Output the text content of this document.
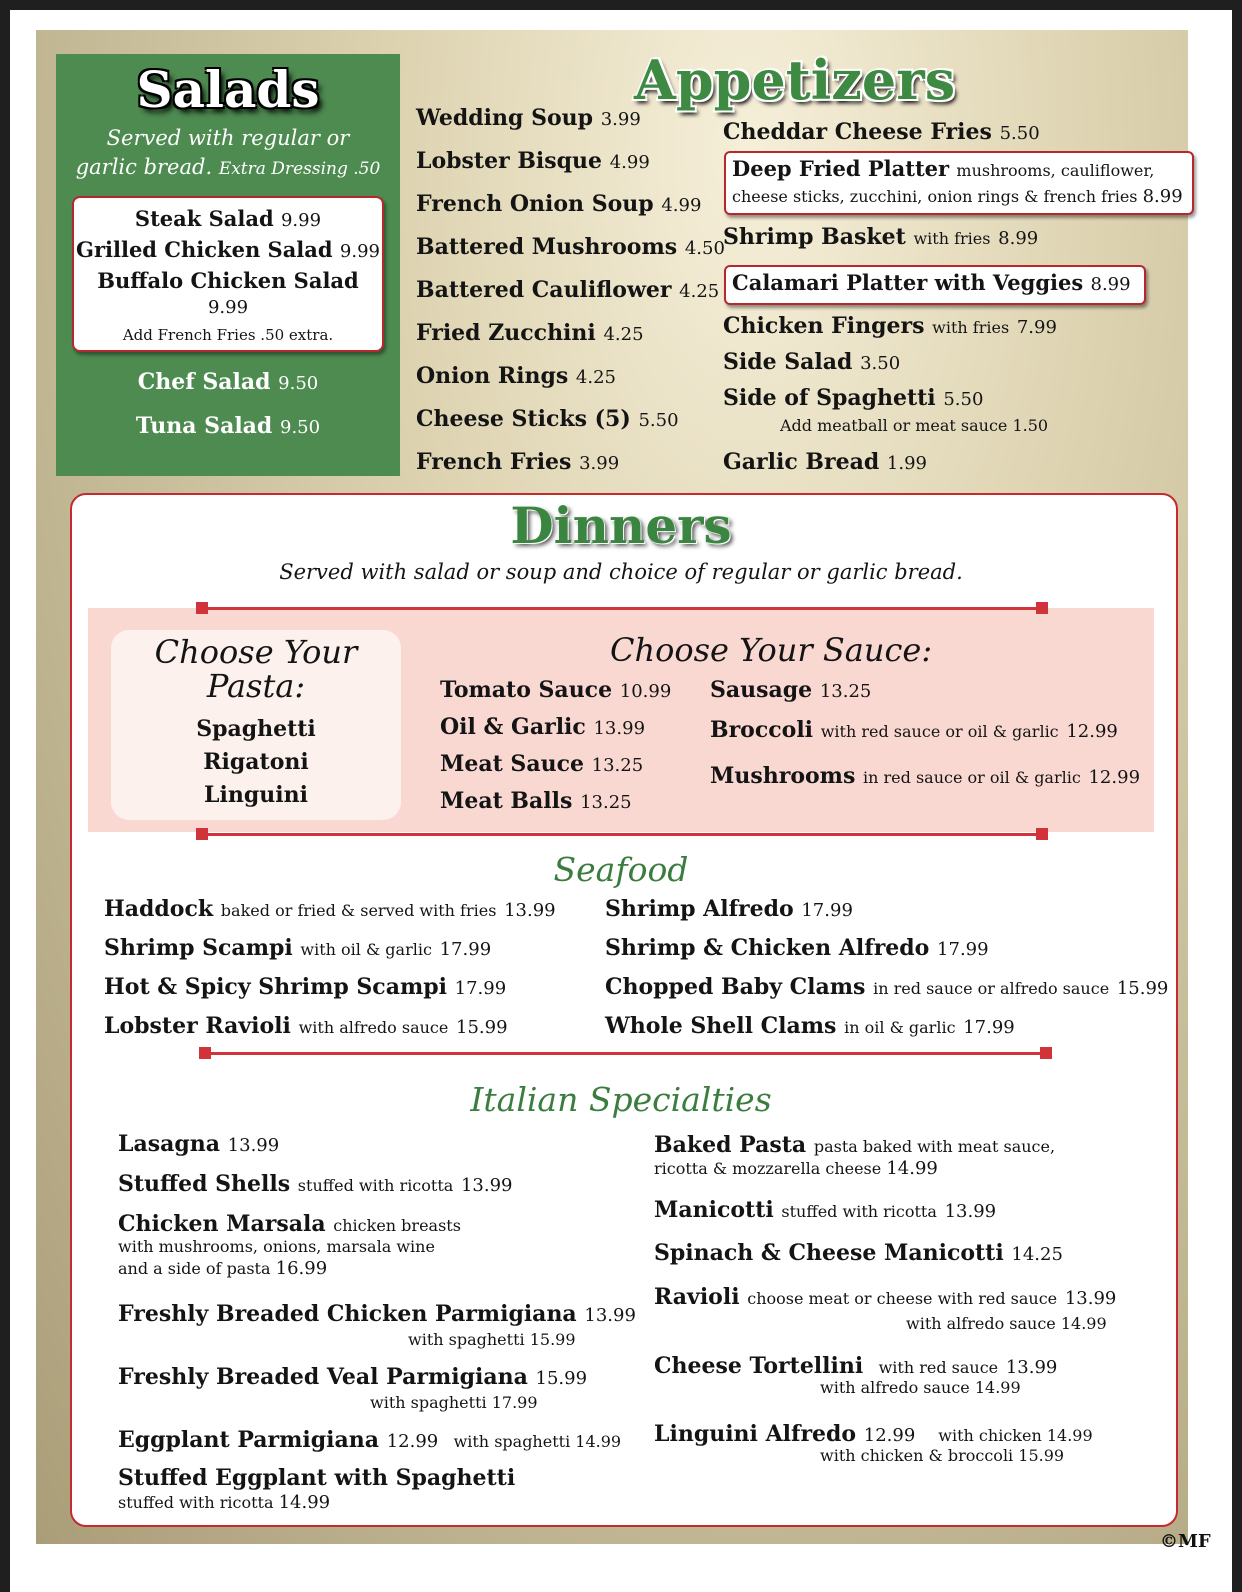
Salads
Served with regular or
garlic bread. Extra Dressing .50
Steak Salad 9.99
Grilled Chicken Salad 9.99
Buffalo Chicken Salad 9.99
Add French Fries .50 extra.
Chef Salad 9.50
Tuna Salad 9.50
Appetizers
Wedding Soup 3.99
Lobster Bisque 4.99
French Onion Soup 4.99
Battered Mushrooms 4.50
Battered Cauliflower 4.25
Fried Zucchini 4.25
Onion Rings 4.25
Cheese Sticks (5) 5.50
French Fries 3.99
Cheddar Cheese Fries 5.50
Deep Fried Platter mushrooms, cauliflower,
cheese sticks, zucchini, onion rings & french fries 8.99
Shrimp Basket with fries 8.99
Calamari Platter with Veggies 8.99
Chicken Fingers with fries 7.99
Side Salad 3.50
Side of Spaghetti 5.50
Add meatball or meat sauce 1.50
Garlic Bread 1.99
Dinners
Served with salad or soup and choice of regular or garlic bread.
Choose Your
Pasta:
Spaghetti
Rigatoni
Linguini
Choose Your Sauce:
Tomato Sauce 10.99
Oil & Garlic 13.99
Meat Sauce 13.25
Meat Balls 13.25
Sausage 13.25
Broccoli with red sauce or oil & garlic 12.99
Mushrooms in red sauce or oil & garlic 12.99
Seafood
Haddock baked or fried & served with fries 13.99
Shrimp Scampi with oil & garlic 17.99
Hot & Spicy Shrimp Scampi 17.99
Lobster Ravioli with alfredo sauce 15.99
Shrimp Alfredo 17.99
Shrimp & Chicken Alfredo 17.99
Chopped Baby Clams in red sauce or alfredo sauce 15.99
Whole Shell Clams in oil & garlic 17.99
Italian Specialties
Lasagna 13.99
Stuffed Shells stuffed with ricotta 13.99
Chicken Marsala chicken breasts
with mushrooms, onions, marsala wine
and a side of pasta 16.99
Freshly Breaded Chicken Parmigiana 13.99
with spaghetti 15.99
Freshly Breaded Veal Parmigiana 15.99
with spaghetti 17.99
Eggplant Parmigiana 12.99 with spaghetti 14.99
Stuffed Eggplant with Spaghetti
stuffed with ricotta 14.99
Baked Pasta pasta baked with meat sauce,
ricotta & mozzarella cheese 14.99
Manicotti stuffed with ricotta 13.99
Spinach & Cheese Manicotti 14.25
Ravioli choose meat or cheese with red sauce 13.99
with alfredo sauce 14.99
Cheese Tortellini with red sauce 13.99
with alfredo sauce 14.99
Linguini Alfredo 12.99 with chicken 14.99
with chicken & broccoli 15.99
©MF
